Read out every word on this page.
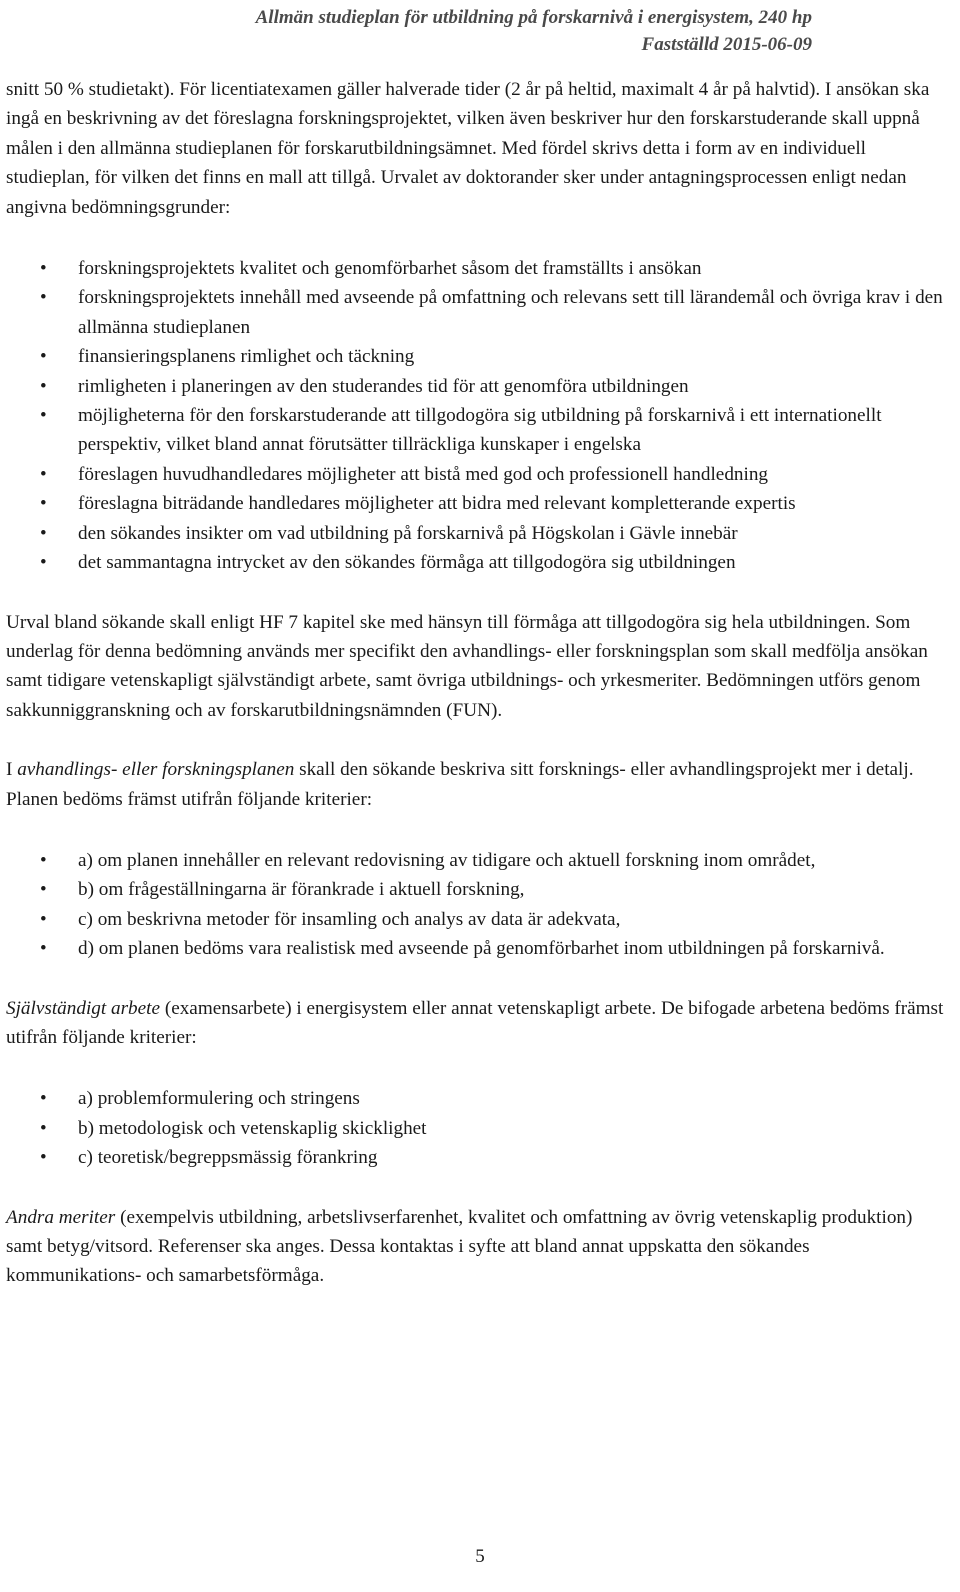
Allmän studieplan för utbildning på forskarnivå i energisystem, 240 hp
Fastställd 2015-06-09

snitt 50 % studietakt). För licentiatexamen gäller halverade tider (2 år på heltid, maximalt 4 år på halvtid). I ansökan ska ingå en beskrivning av det föreslagna forskningsprojektet, vilken även beskriver hur den forskarstuderande skall uppnå målen i den allmänna studieplanen för forskarutbildningsämnet. Med fördel skrivs detta i form av en individuell studieplan, för vilken det finns en mall att tillgå. Urvalet av doktorander sker under antagningsprocessen enligt nedan angivna bedömningsgrunder:

• forskningsprojektets kvalitet och genomförbarhet såsom det framställts i ansökan
• forskningsprojektets innehåll med avseende på omfattning och relevans sett till lärandemål och övriga krav i den allmänna studieplanen
• finansieringsplanens rimlighet och täckning
• rimligheten i planeringen av den studerandes tid för att genomföra utbildningen
• möjligheterna för den forskarstuderande att tillgodogöra sig utbildning på forskarnivå i ett internationellt perspektiv, vilket bland annat förutsätter tillräckliga kunskaper i engelska
• föreslagen huvudhandledares möjligheter att bistå med god och professionell handledning
• föreslagna biträdande handledares möjligheter att bidra med relevant kompletterande expertis
• den sökandes insikter om vad utbildning på forskarnivå på Högskolan i Gävle innebär
• det sammantagna intrycket av den sökandes förmåga att tillgodogöra sig utbildningen

Urval bland sökande skall enligt HF 7 kapitel ske med hänsyn till förmåga att tillgodogöra sig hela utbildningen. Som underlag för denna bedömning används mer specifikt den avhandlings- eller forskningsplan som skall medfölja ansökan samt tidigare vetenskapligt självständigt arbete, samt övriga utbildnings- och yrkesmeriter. Bedömningen utförs genom sakkunniggranskning och av forskarutbildningsnämnden (FUN).

I avhandlings- eller forskningsplanen skall den sökande beskriva sitt forsknings- eller avhandlingsprojekt mer i detalj. Planen bedöms främst utifrån följande kriterier:

• a) om planen innehåller en relevant redovisning av tidigare och aktuell forskning inom området,
• b) om frågeställningarna är förankrade i aktuell forskning,
• c) om beskrivna metoder för insamling och analys av data är adekvata,
• d) om planen bedöms vara realistisk med avseende på genomförbarhet inom utbildningen på forskarnivå.

Självständigt arbete (examensarbete) i energisystem eller annat vetenskapligt arbete. De bifogade arbetena bedöms främst utifrån följande kriterier:

• a) problemformulering och stringens
• b) metodologisk och vetenskaplig skicklighet
• c) teoretisk/begreppsmässig förankring

Andra meriter (exempelvis utbildning, arbetslivserfarenhet, kvalitet och omfattning av övrig vetenskaplig produktion) samt betyg/vitsord. Referenser ska anges. Dessa kontaktas i syfte att bland annat uppskatta den sökandes kommunikations- och samarbetsförmåga.

5
